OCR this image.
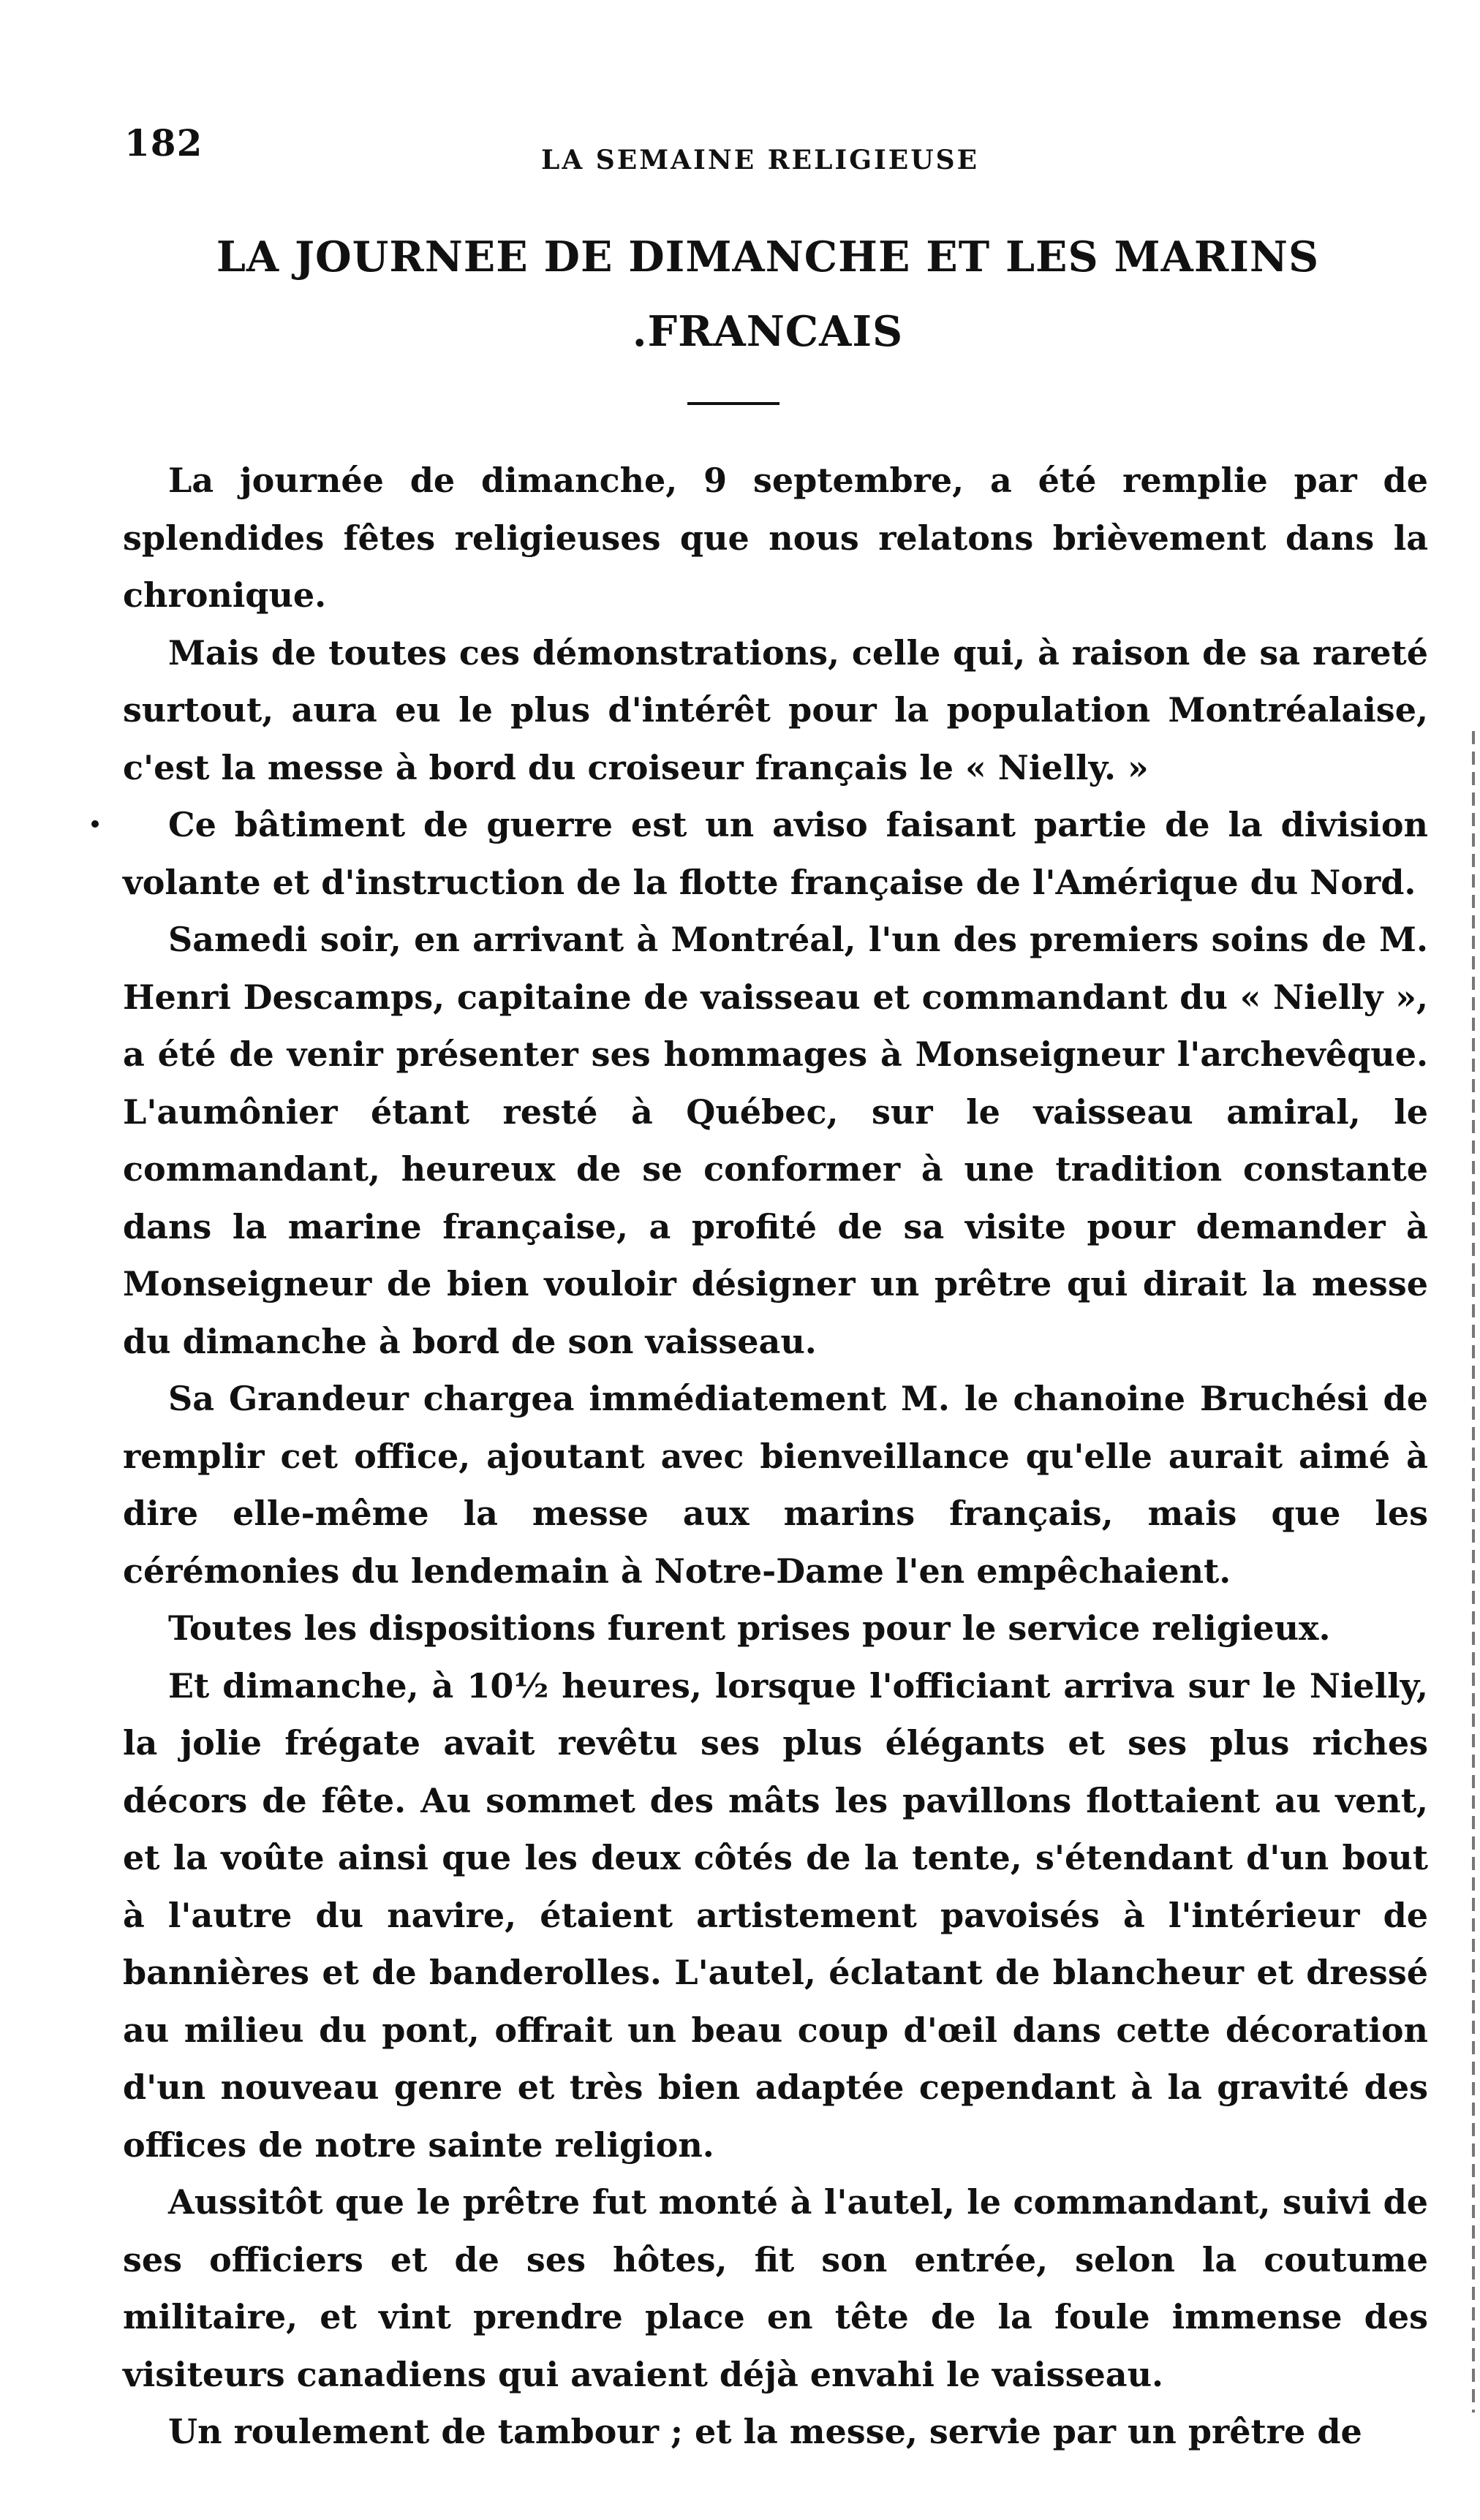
182	LA SEMAINE RELIGIEUSE
LA JOURNEE DE DIMANCHE ET LES MARINS
.FRANCAIS

La journée de dimanche, 9 septembre, a été remplie par de splendides fêtes religieuses que nous relatons brièvement dans la chronique.

Mais de toutes ces démonstrations, celle qui, à raison de sa rareté surtout, aura eu le plus d'intérêt pour la population Montréalaise, c'est la messe à bord du croiseur français le « Nielly. »

Ce bâtiment de guerre est un aviso faisant partie de la division volante et d'instruction de la flotte française de l'Amérique du Nord.

Samedi soir, en arrivant à Montréal, l'un des premiers soins de M. Henri Descamps, capitaine de vaisseau et commandant du « Nielly », a été de venir présenter ses hommages à Monseigneur l'archevêque. L'aumônier étant resté à Québec, sur le vaisseau amiral, le commandant, heureux de se conformer à une tradition constante dans la marine française, a profité de sa visite pour demander à Monseigneur de bien vouloir désigner un prêtre qui dirait la messe du dimanche à bord de son vaisseau.

Sa Grandeur chargea immédiatement M. le chanoine Bruchési de remplir cet office, ajoutant avec bienveillance qu'elle aurait aimé à dire elle-même la messe aux marins français, mais que les cérémonies du lendemain à Notre-Dame l'en empêchaient.

Toutes les dispositions furent prises pour le service religieux.

Et dimanche, à 10½ heures, lorsque l'officiant arriva sur le Nielly, la jolie frégate avait revêtu ses plus élégants et ses plus riches décors de fête. Au sommet des mâts les pavillons flottaient au vent, et la voûte ainsi que les deux côtés de la tente, s'étendant d'un bout à l'autre du navire, étaient artistement pavoisés à l'intérieur de bannières et de banderolles. L'autel, éclatant de blancheur et dressé au milieu du pont, offrait un beau coup d'œil dans cette décoration d'un nouveau genre et très bien adaptée cependant à la gravité des offices de notre sainte religion.

Aussitôt que le prêtre fut monté à l'autel, le commandant, suivi de ses officiers et de ses hôtes, fit son entrée, selon la coutume militaire, et vint prendre place en tête de la foule immense des visiteurs canadiens qui avaient déjà envahi le vaisseau.

Un roulement de tambour ; et la messe, servie par un prêtre de
